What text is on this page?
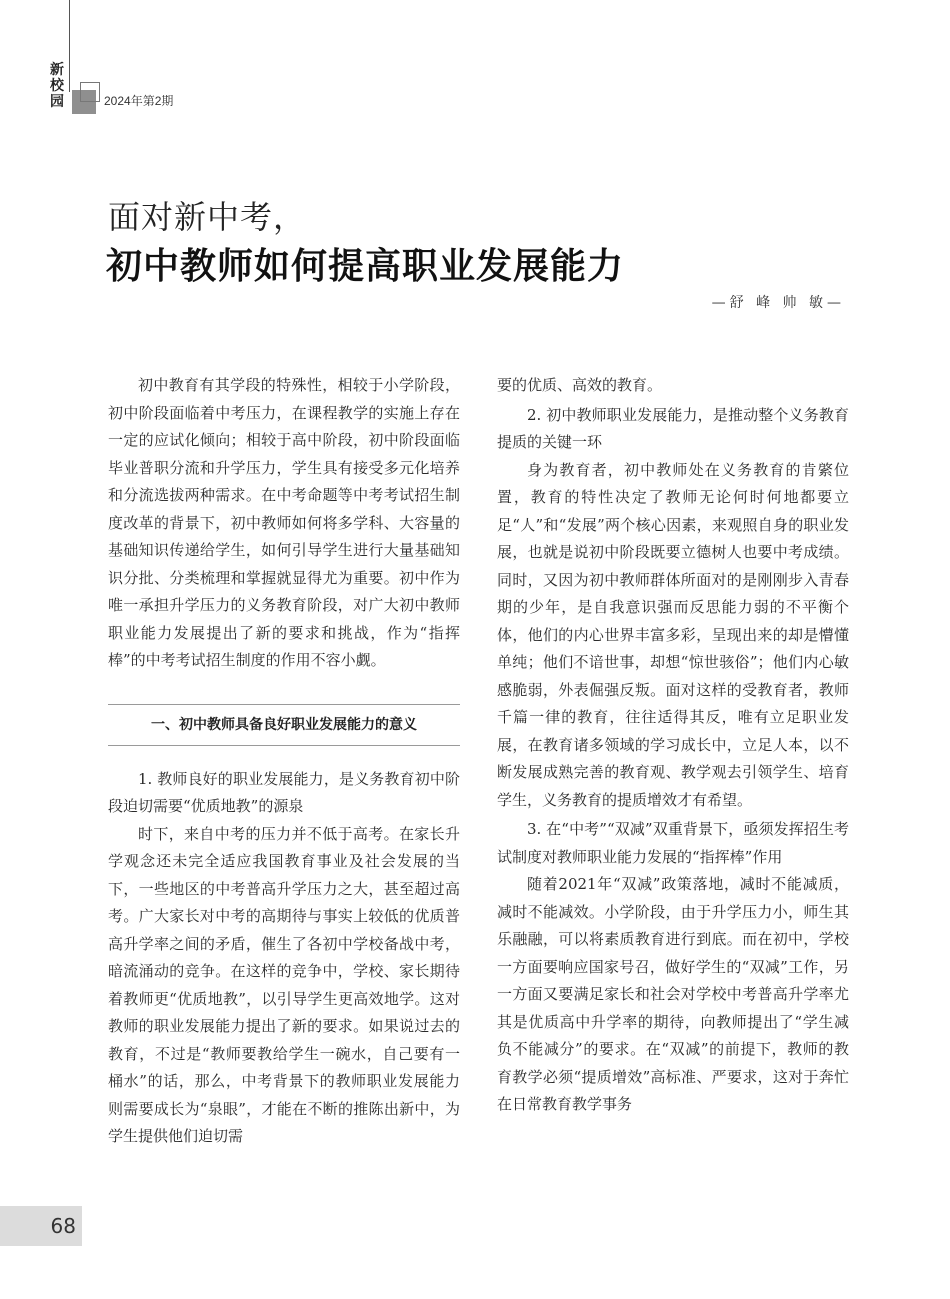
新校园	2024年第2期
面对新中考，
初中教师如何提高职业发展能力
—舒 峰 帅 敏—

初中教育有其学段的特殊性，相较于小学阶段，初中阶段面临着中考压力，在课程教学的实施上存在一定的应试化倾向；相较于高中阶段，初中阶段面临毕业普职分流和升学压力，学生具有接受多元化培养和分流选拔两种需求。在中考命题等中考考试招生制度改革的背景下，初中教师如何将多学科、大容量的基础知识传递给学生，如何引导学生进行大量基础知识分批、分类梳理和掌握就显得尤为重要。初中作为唯一承担升学压力的义务教育阶段，对广大初中教师职业能力发展提出了新的要求和挑战，作为“指挥棒”的中考考试招生制度的作用不容小觑。

一、初中教师具备良好职业发展能力的意义

1. 教师良好的职业发展能力，是义务教育初中阶段迫切需要“优质地教”的源泉

时下，来自中考的压力并不低于高考。在家长升学观念还未完全适应我国教育事业及社会发展的当下，一些地区的中考普高升学压力之大，甚至超过高考。广大家长对中考的高期待与事实上较低的优质普高升学率之间的矛盾，催生了各初中学校备战中考，暗流涌动的竞争。在这样的竞争中，学校、家长期待着教师更“优质地教”，以引导学生更高效地学。这对教师的职业发展能力提出了新的要求。如果说过去的教育，不过是“教师要教给学生一碗水，自己要有一桶水”的话，那么，中考背景下的教师职业发展能力则需要成长为“泉眼”，才能在不断的推陈出新中，为学生提供他们迫切需

要的优质、高效的教育。

2. 初中教师职业发展能力，是推动整个义务教育提质的关键一环

身为教育者，初中教师处在义务教育的肯綮位置，教育的特性决定了教师无论何时何地都要立足“人”和“发展”两个核心因素，来观照自身的职业发展，也就是说初中阶段既要立德树人也要中考成绩。同时，又因为初中教师群体所面对的是刚刚步入青春期的少年，是自我意识强而反思能力弱的不平衡个体，他们的内心世界丰富多彩，呈现出来的却是懵懂单纯；他们不谙世事，却想“惊世骇俗”；他们内心敏感脆弱，外表倔强反叛。面对这样的受教育者，教师千篇一律的教育，往往适得其反，唯有立足职业发展，在教育诸多领域的学习成长中，立足人本，以不断发展成熟完善的教育观、教学观去引领学生、培育学生，义务教育的提质增效才有希望。

3. 在“中考”“双减”双重背景下，亟须发挥招生考试制度对教师职业能力发展的“指挥棒”作用

随着2021年“双减”政策落地，减时不能减质，减时不能减效。小学阶段，由于升学压力小，师生其乐融融，可以将素质教育进行到底。而在初中，学校一方面要响应国家号召，做好学生的“双减”工作，另一方面又要满足家长和社会对学校中考普高升学率尤其是优质高中升学率的期待，向教师提出了“学生减负不能减分”的要求。在“双减”的前提下，教师的教育教学必须“提质增效”高标准、严要求，这对于奔忙在日常教育教学事务

68
